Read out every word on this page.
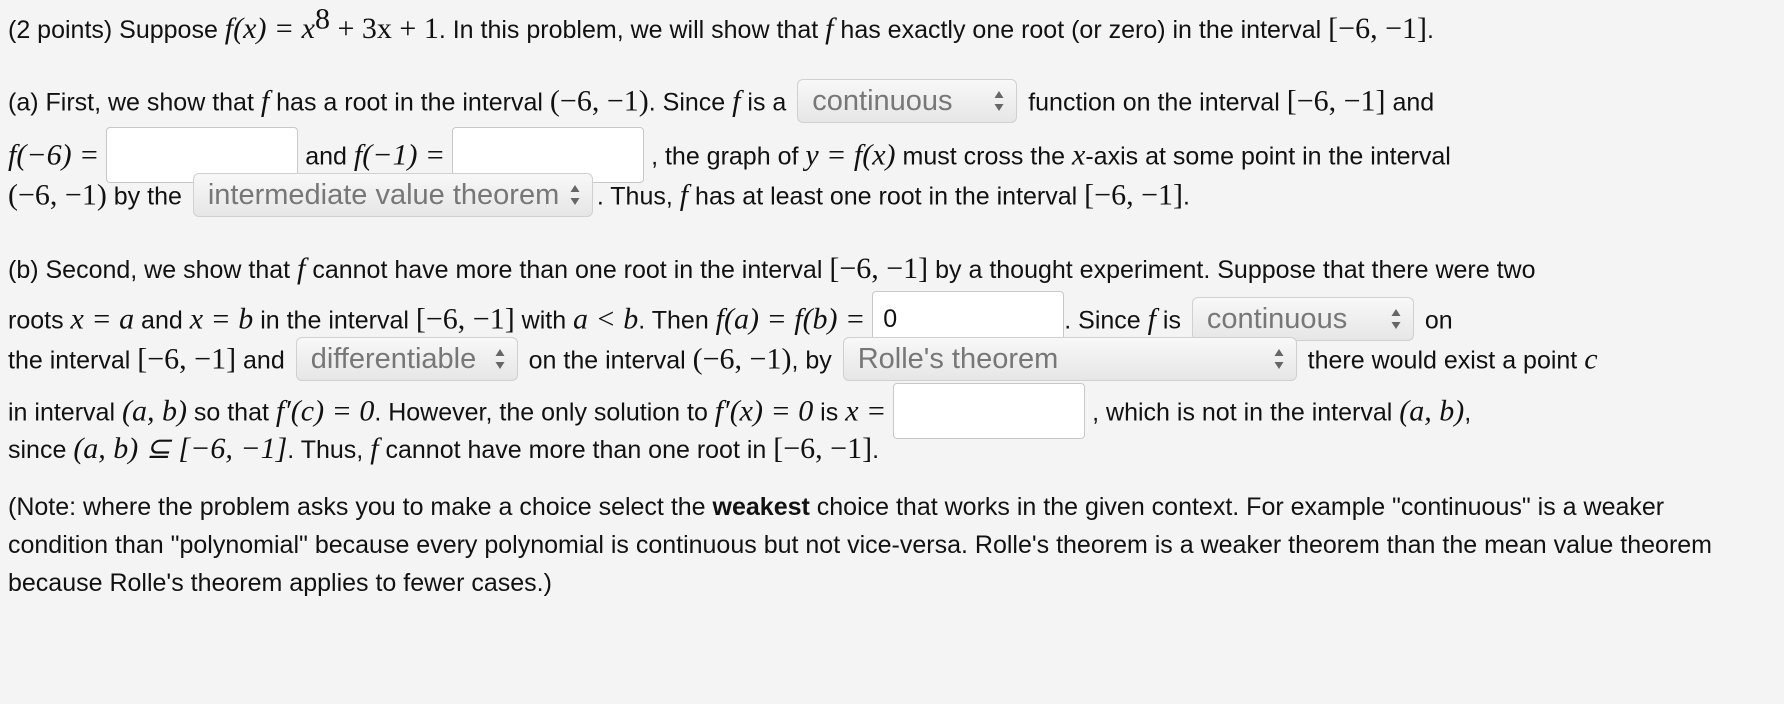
(2 points) Suppose $f(x) = x^8 + 3x + 1$. In this problem, we will show that f has exactly one root (or zero) in the interval [−6, −1].
(a) First, we show that f has a root in the interval (−6, −1). Since f is a continuous	function on the interval [−6, −1] and
f(−6) =	and f(−1) =	, the graph of y = f(x) must cross the x-axis at some point in the interval
(−6, −1) by the intermediate value theorem . Thus, f has at least one root in the interval [−6, −1].
(b) Second, we show that f cannot have more than one root in the interval [−6, −1] by a thought experiment. Suppose that there were two
roots x = a and x = b in the interval [−6, −1] with a < b. Then f(a) = f(b) = 0	. Since f is continuous	on
the interval [−6, −1] and differentiable
on the interval (−6, −1), by Rolle's theorem	there would exist a point c
in interval (a, b) so that f′(c) = 0. However, the only solution to f′(x) = 0 is x =	, which is not in the interval (a, b),
since (a, b) ⊆ [−6, −1]. Thus, f cannot have more than one root in [−6, −1].
(Note: where the problem asks you to make a choice select the weakest choice that works in the given context. For example "continuous" is a weaker condition than "polynomial" because every polynomial is continuous but not vice-versa. Rolle's theorem is a weaker theorem than the mean value theorem because Rolle's theorem applies to fewer cases.)
